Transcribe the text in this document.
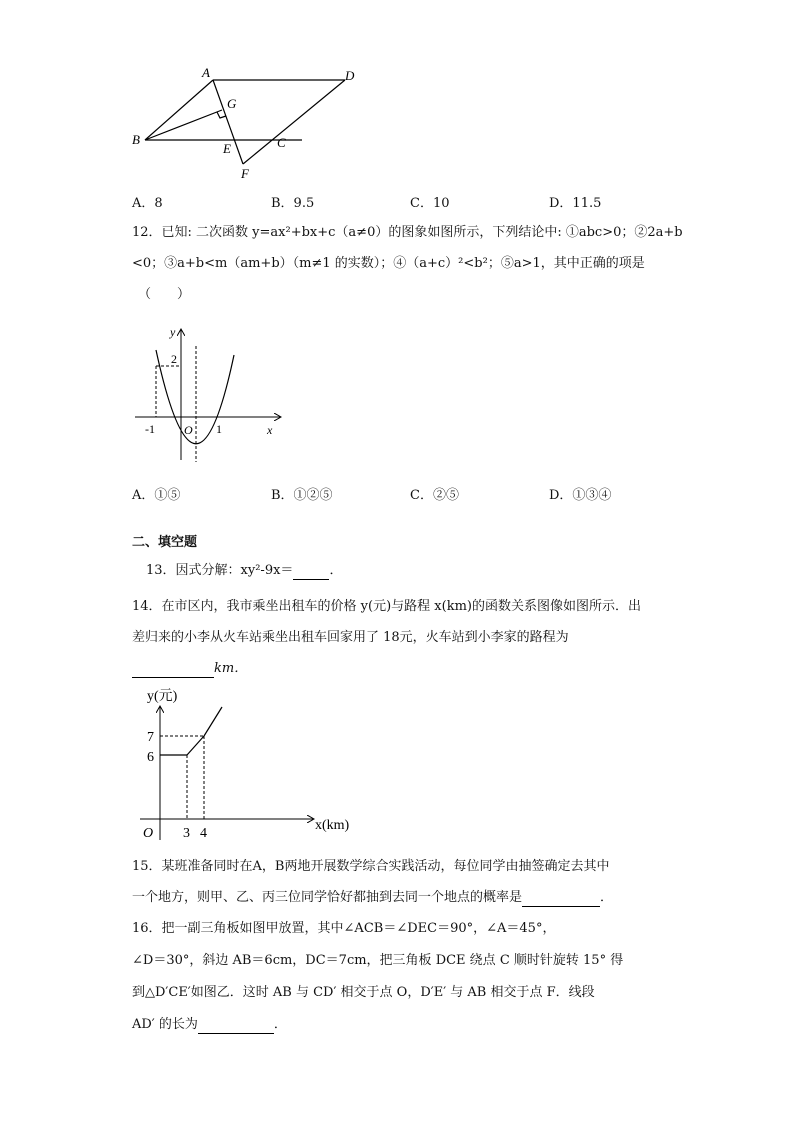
A	D
G
B
E	C
F
A．8	B．9.5	C．10	D．11.5
12．已知: 二次函数 y=ax²+bx+c（a≠0）的图象如图所示，下列结论中: ①abc>0；②2a+b
<0；③a+b<m（am+b）（m≠1 的实数）；④（a+c）²<b²；⑤a>1，其中正确的项是
（　　）
y
2
-1 O 1	x
A．①⑤	B．①②⑤	C．②⑤	D．①③④
二、填空题
13．因式分解：xy²-9x＝	．
14．在市区内，我市乘坐出租车的价格 y(元)与路程 x(km)的函数关系图像如图所示．出
差归来的小李从火车站乘坐出租车回家用了 18元，火车站到小李家的路程为
km．
y(元)
7
6
O 3 4
x(km)
15．某班准备同时在A，B两地开展数学综合实践活动，每位同学由抽签确定去其中
一个地方，则甲、乙、丙三位同学恰好都抽到去同一个地点的概率是	．
16．把一副三角板如图甲放置，其中∠ACB＝∠DEC＝90°，∠A＝45°，
∠D＝30°，斜边 AB＝6cm，DC＝7cm，把三角板 DCE 绕点 C 顺时针旋转 15° 得
到△D′CE′如图乙．这时 AB 与 CD′ 相交于点 O，D′E′ 与 AB 相交于点 F．线段
AD′ 的长为	．
